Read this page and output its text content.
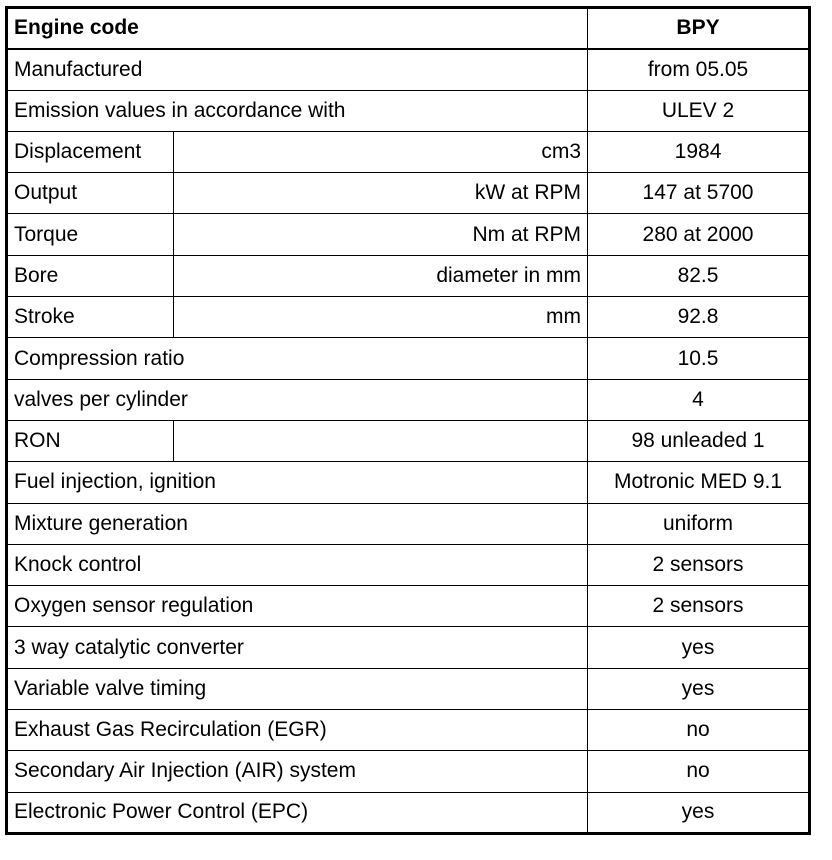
Engine code		BPY
Manufactured		from 05.05
Emission values in accordance with		ULEV 2
Displacement	cm3	1984
Output	kW at RPM	147 at 5700
Torque	Nm at RPM	280 at 2000
Bore	diameter in mm	82.5
Stroke	mm	92.8
Compression ratio		10.5
valves per cylinder		4
RON		98 unleaded 1
Fuel injection, ignition		Motronic MED 9.1
Mixture generation		uniform
Knock control		2 sensors
Oxygen sensor regulation		2 sensors
3 way catalytic converter		yes
Variable valve timing		yes
Exhaust Gas Recirculation (EGR)		no
Secondary Air Injection (AIR) system		no
Electronic Power Control (EPC)		yes
